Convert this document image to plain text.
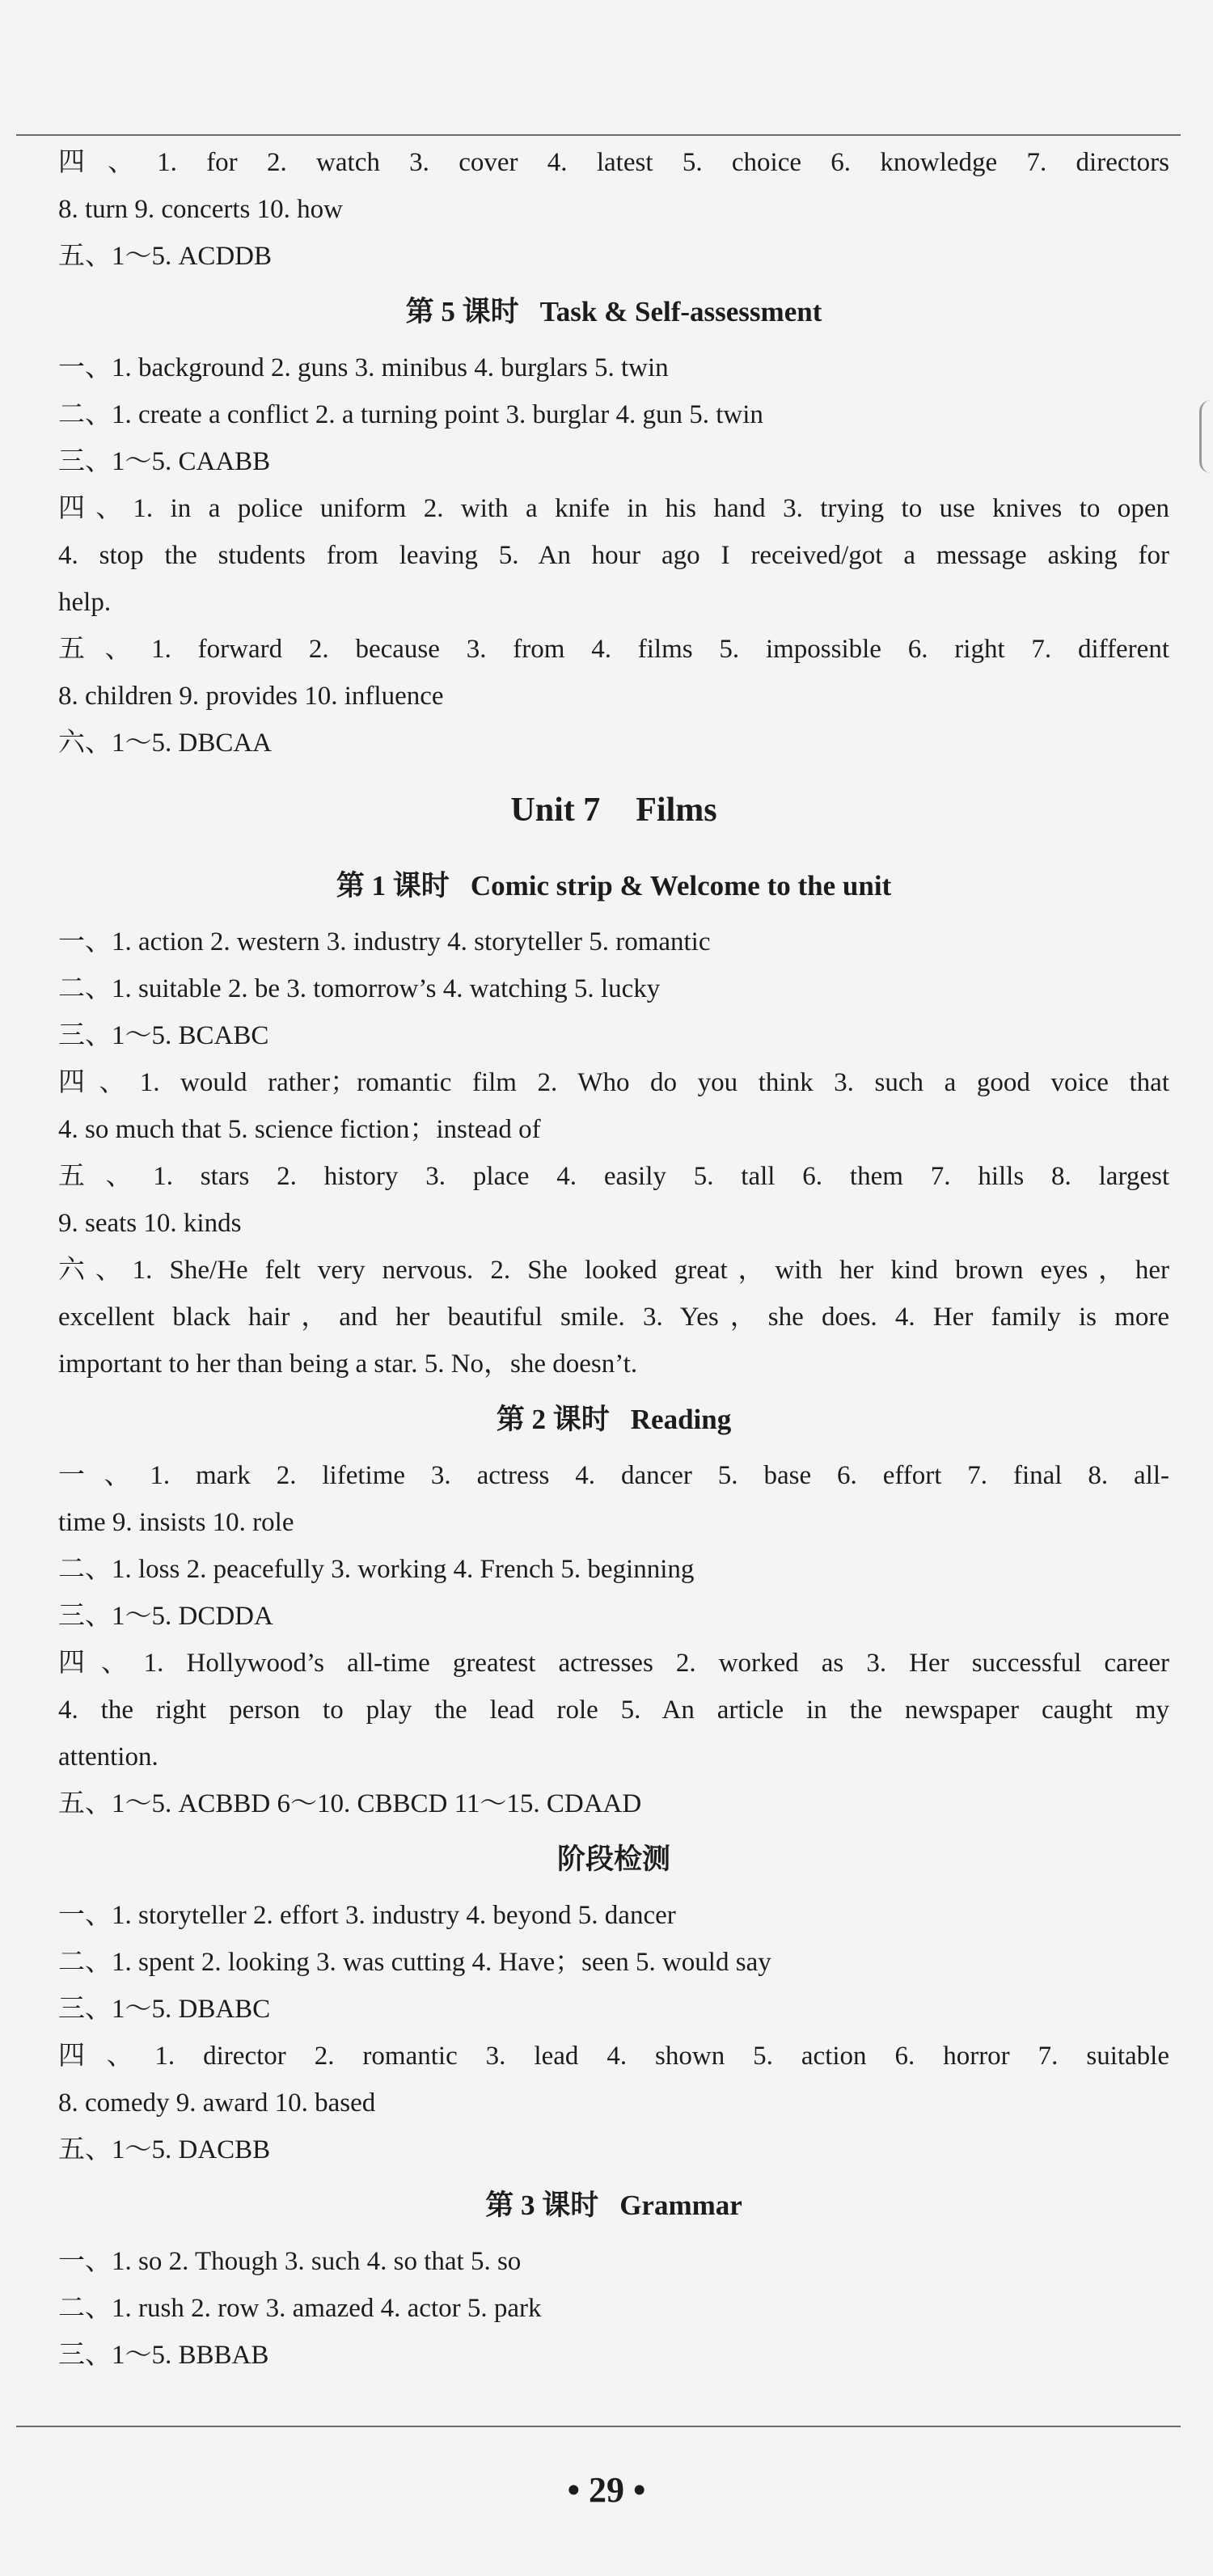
四、1. for 2. watch 3. cover 4. latest 5. choice 6. knowledge 7. directors
8. turn 9. concerts 10. how
五、1～5. ACDDB
第 5 课时 Task & Self-assessment
一、1. background 2. guns 3. minibus 4. burglars 5. twin
二、1. create a conflict 2. a turning point 3. burglar 4. gun 5. twin
三、1～5. CAABB
四、1. in a police uniform 2. with a knife in his hand 3. trying to use knives to open
4. stop the students from leaving 5. An hour ago I received/got a message asking for
help.
五、1. forward 2. because 3. from 4. films 5. impossible 6. right 7. different
8. children 9. provides 10. influence
六、1～5. DBCAA
Unit 7 Films
第 1 课时 Comic strip & Welcome to the unit
一、1. action 2. western 3. industry 4. storyteller 5. romantic
二、1. suitable 2. be 3. tomorrow’s 4. watching 5. lucky
三、1～5. BCABC
四、1. would rather；romantic film 2. Who do you think 3. such a good voice that
4. so much that 5. science fiction；instead of
五、1. stars 2. history 3. place 4. easily 5. tall 6. them 7. hills 8. largest
9. seats 10. kinds
六、1. She/He felt very nervous. 2. She looked great，with her kind brown eyes，her
excellent black hair，and her beautiful smile. 3. Yes，she does. 4. Her family is more
important to her than being a star. 5. No，she doesn’t.
第 2 课时 Reading
一、1. mark 2. lifetime 3. actress 4. dancer 5. base 6. effort 7. final 8. all-
time 9. insists 10. role
二、1. loss 2. peacefully 3. working 4. French 5. beginning
三、1～5. DCDDA
四、1. Hollywood’s all-time greatest actresses 2. worked as 3. Her successful career
4. the right person to play the lead role 5. An article in the newspaper caught my
attention.
五、1～5. ACBBD 6～10. CBBCD 11～15. CDAAD
阶段检测
一、1. storyteller 2. effort 3. industry 4. beyond 5. dancer
二、1. spent 2. looking 3. was cutting 4. Have；seen 5. would say
三、1～5. DBABC
四、1. director 2. romantic 3. lead 4. shown 5. action 6. horror 7. suitable
8. comedy 9. award 10. based
五、1～5. DACBB
第 3 课时 Grammar
一、1. so 2. Though 3. such 4. so that 5. so
二、1. rush 2. row 3. amazed 4. actor 5. park
三、1～5. BBBAB
• 29 •
